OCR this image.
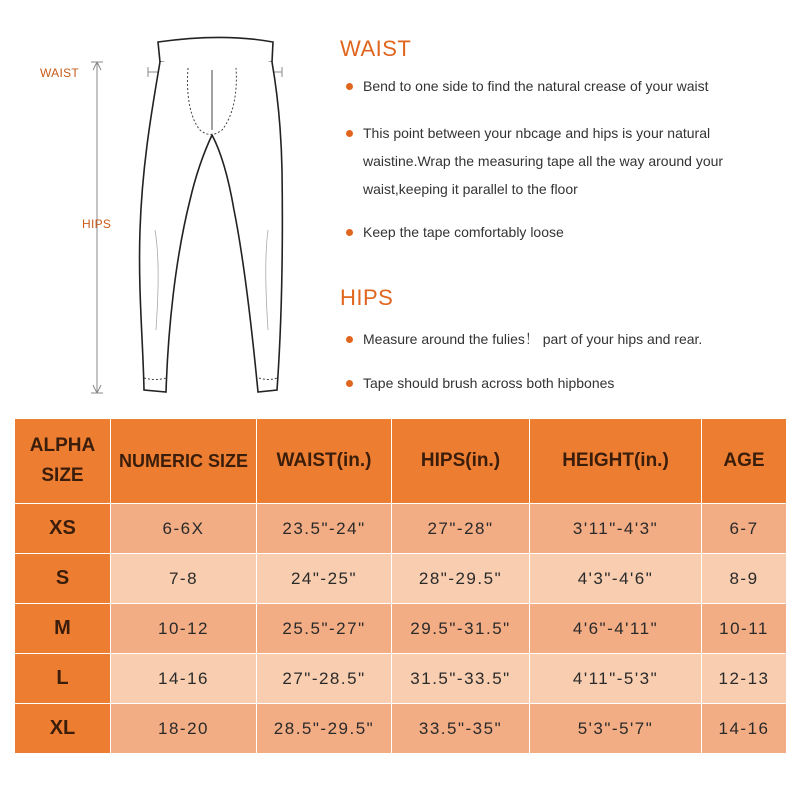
WAIST
HIPS
WAIST
Bend to one side to find the natural crease of your waist
This point between your nbcage and hips is your natural waistine.Wrap the measuring tape all the way around your waist,keeping it parallel to the floor
Keep the tape comfortably loose
HIPS
Measure around the fulies！ part of your hips and rear.
Tape should brush across both hipbones
ALPHA
SIZE	NUMERIC SIZE	WAIST(in.)	HIPS(in.)	HEIGHT(in.)	AGE
XS	6-6X	23.5"-24"	27"-28"	3'11"-4'3"	6-7
S	7-8	24"-25"	28"-29.5"	4'3"-4'6"	8-9
M	10-12	25.5"-27"	29.5"-31.5"	4'6"-4'11"	10-11
L	14-16	27"-28.5"	31.5"-33.5"	4'11"-5'3"	12-13
XL	18-20	28.5"-29.5"	33.5"-35"	5'3"-5'7"	14-16
